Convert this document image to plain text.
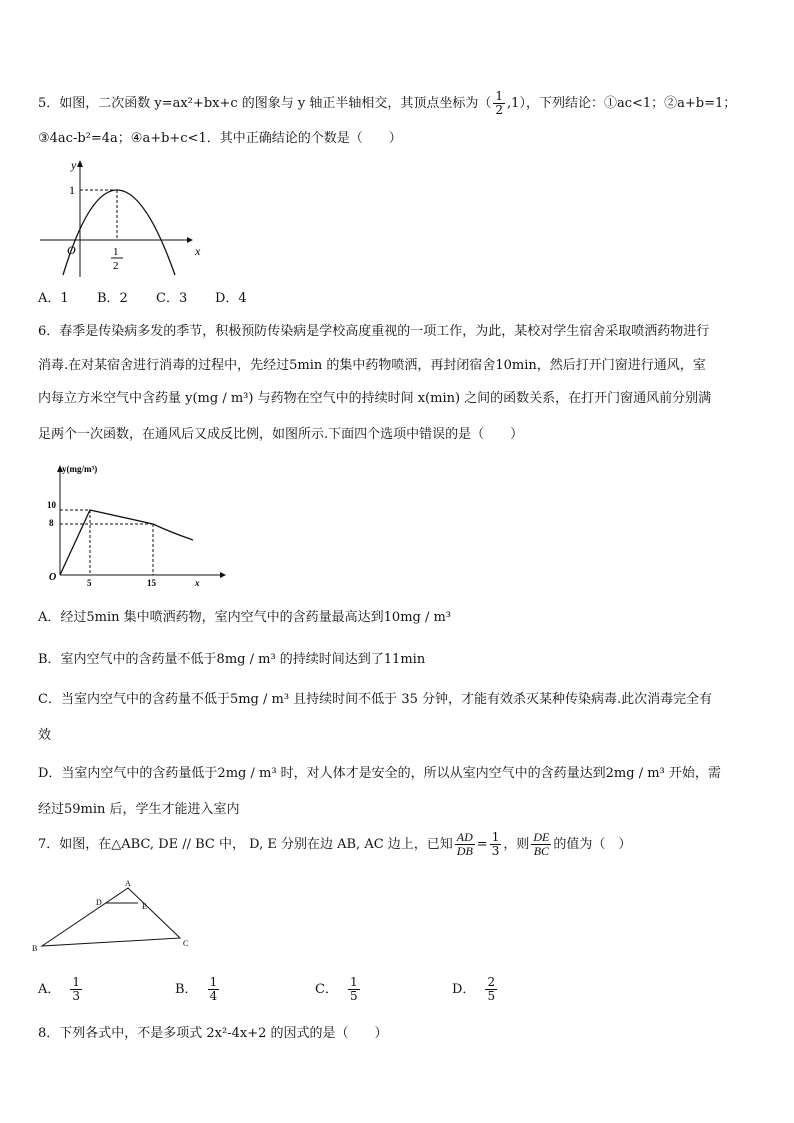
5．如图，二次函数 y=ax²+bx+c 的图象与 y 轴正半轴相交，其顶点坐标为（ $\frac{1}{2} ,1$），下列结论：①ac<1；②a+b=1；
③4ac-b²=4a；④a+b+c<1．其中正确结论的个数是（　　）
y
x
O
1
1
2
A．1 B．2 C．3 D．4
6．春季是传染病多发的季节，积极预防传染病是学校高度重视的一项工作，为此，某校对学生宿舍采取喷洒药物进行
消毒.在对某宿舍进行消毒的过程中，先经过5min 的集中药物喷洒，再封闭宿舍10min，然后打开门窗进行通风，室
内每立方米空气中含药量 y(mg / m³) 与药物在空气中的持续时间 x(min) 之间的函数关系，在打开门窗通风前分别满
足两个一次函数，在通风后又成反比例，如图所示.下面四个选项中错误的是（　　）
y(mg/m³)
10
8
O	5	15	x
A．经过5min 集中喷洒药物，室内空气中的含药量最高达到10mg / m³
B．室内空气中的含药量不低于8mg / m³ 的持续时间达到了11min
C．当室内空气中的含药量不低于5mg / m³ 且持续时间不低于 35 分钟，才能有效杀灭某种传染病毒.此次消毒完全有
效
D．当室内空气中的含药量低于2mg / m³ 时，对人体才是安全的，所以从室内空气中的含药量达到2mg / m³ 开始，需
经过59min 后，学生才能进入室内
7．如图，在△ABC, DE // BC 中， D, E 分别在边 AB, AC 边上，已知 $\frac{AD}{DB} = \frac{1}{3}$ ，则 $\frac{DE}{BC}$ 的值为（　）
A
B
C
D	E
A． $\frac{1}{3}$	B． $\frac{1}{4}$	C． $\frac{1}{5}$	D． $\frac{2}{5}$
8．下列各式中，不是多项式 2x²-4x+2 的因式的是（　　）
